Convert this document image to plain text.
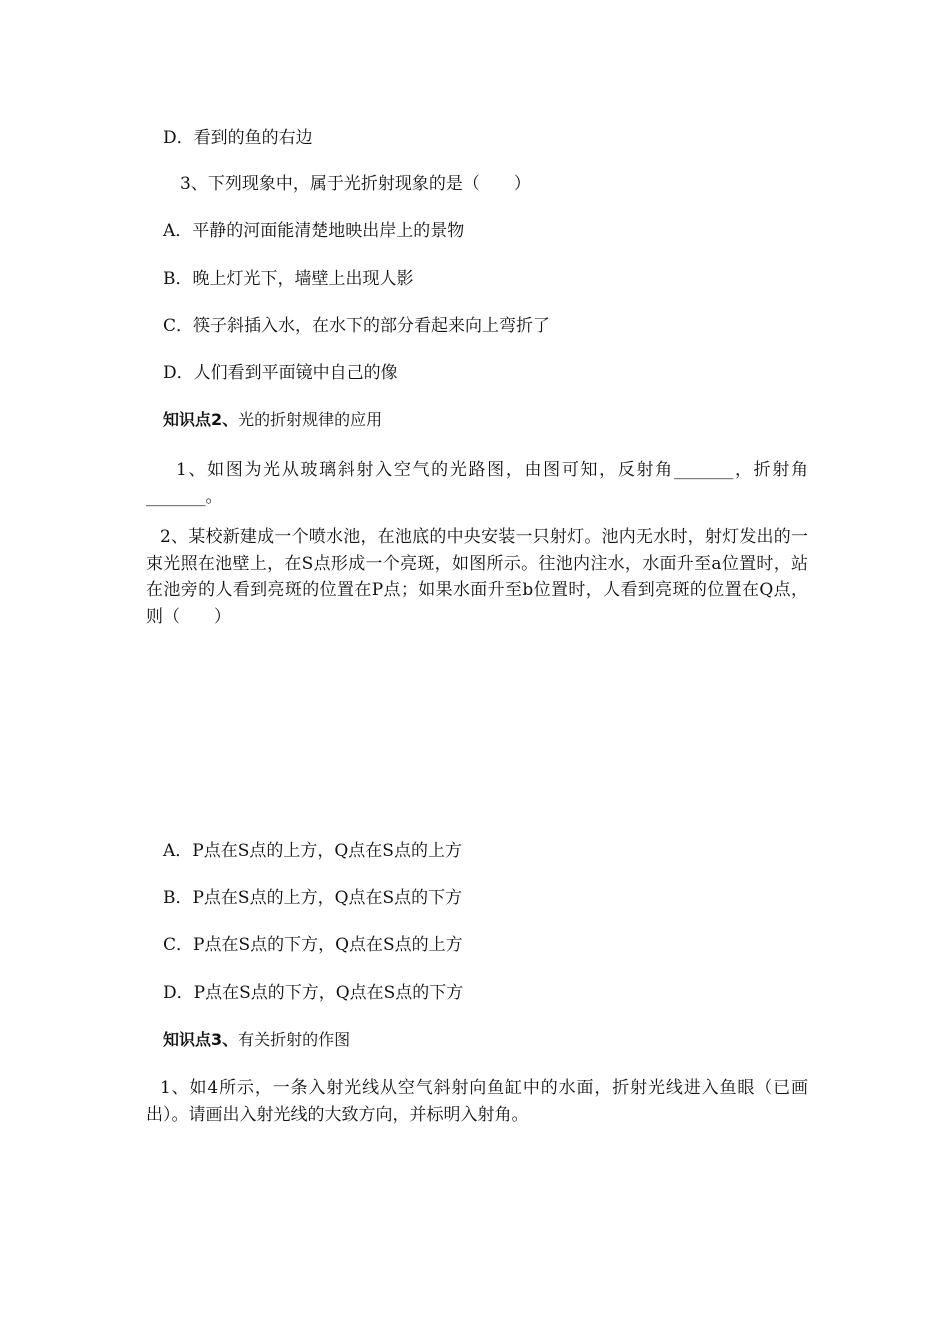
D．看到的鱼的右边
3、下列现象中，属于光折射现象的是（　　）
A．平静的河面能清楚地映出岸上的景物
B．晚上灯光下，墙壁上出现人影
C．筷子斜插入水，在水下的部分看起来向上弯折了
D．人们看到平面镜中自己的像
知识点2、光的折射规律的应用
1、如图为光从玻璃斜射入空气的光路图，由图可知，反射角_______，折射角_______。
2、某校新建成一个喷水池，在池底的中央安装一只射灯。池内无水时，射灯发出的一束光照在池壁上，在S点形成一个亮斑，如图所示。往池内注水，水面升至a位置时，站在池旁的人看到亮斑的位置在P点；如果水面升至b位置时，人看到亮斑的位置在Q点，则（　　）
A．P点在S点的上方，Q点在S点的上方
B．P点在S点的上方，Q点在S点的下方
C．P点在S点的下方，Q点在S点的上方
D．P点在S点的下方，Q点在S点的下方
知识点3、有关折射的作图
1、如4所示，一条入射光线从空气斜射向鱼缸中的水面，折射光线进入鱼眼（已画出）。请画出入射光线的大致方向，并标明入射角。
